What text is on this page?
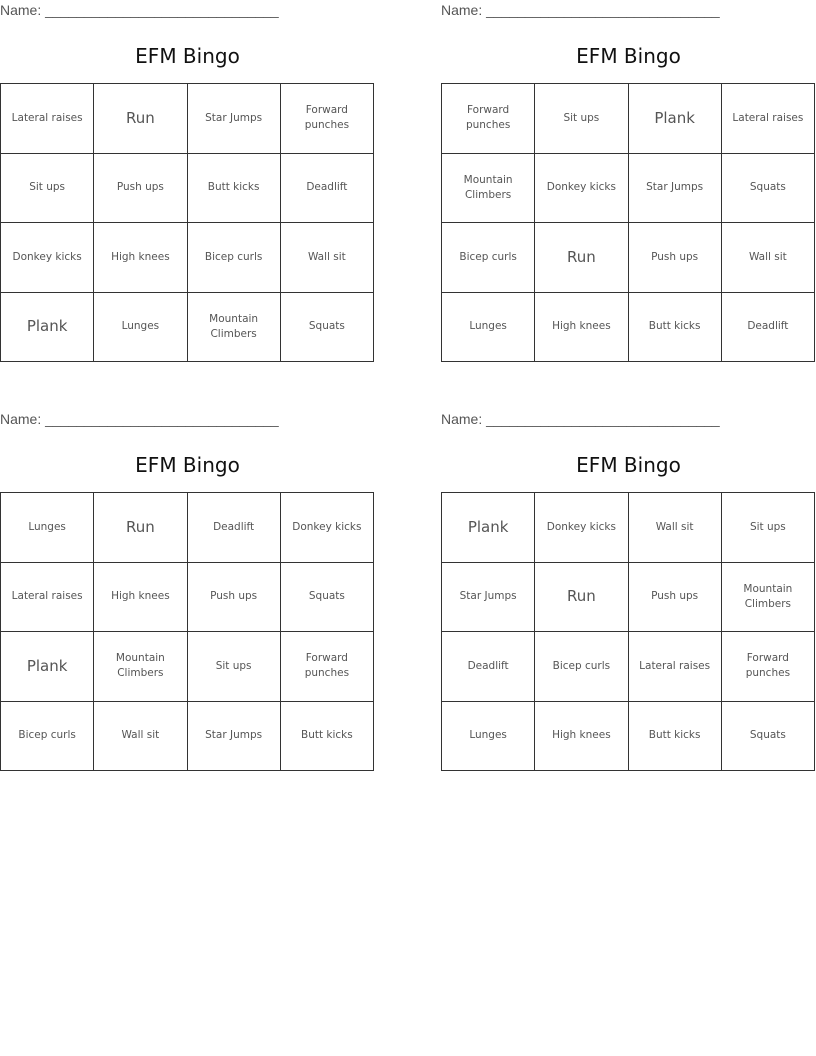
Name: ______________________________
EFM Bingo
Lateral raises	Run	Star Jumps	Forward punches
Sit ups	Push ups	Butt kicks	Deadlift
Donkey kicks	High knees	Bicep curls	Wall sit
Plank	Lunges	Mountain Climbers	Squats
Name: ______________________________
EFM Bingo
Forward punches	Sit ups	Plank	Lateral raises
Mountain Climbers	Donkey kicks	Star Jumps	Squats
Bicep curls	Run	Push ups	Wall sit
Lunges	High knees	Butt kicks	Deadlift
Name: ______________________________
EFM Bingo
Lunges	Run	Deadlift	Donkey kicks
Lateral raises	High knees	Push ups	Squats
Plank	Mountain Climbers	Sit ups	Forward punches
Bicep curls	Wall sit	Star Jumps	Butt kicks
Name: ______________________________
EFM Bingo
Plank	Donkey kicks	Wall sit	Sit ups
Star Jumps	Run	Push ups	Mountain Climbers
Deadlift	Bicep curls	Lateral raises	Forward punches
Lunges	High knees	Butt kicks	Squats
